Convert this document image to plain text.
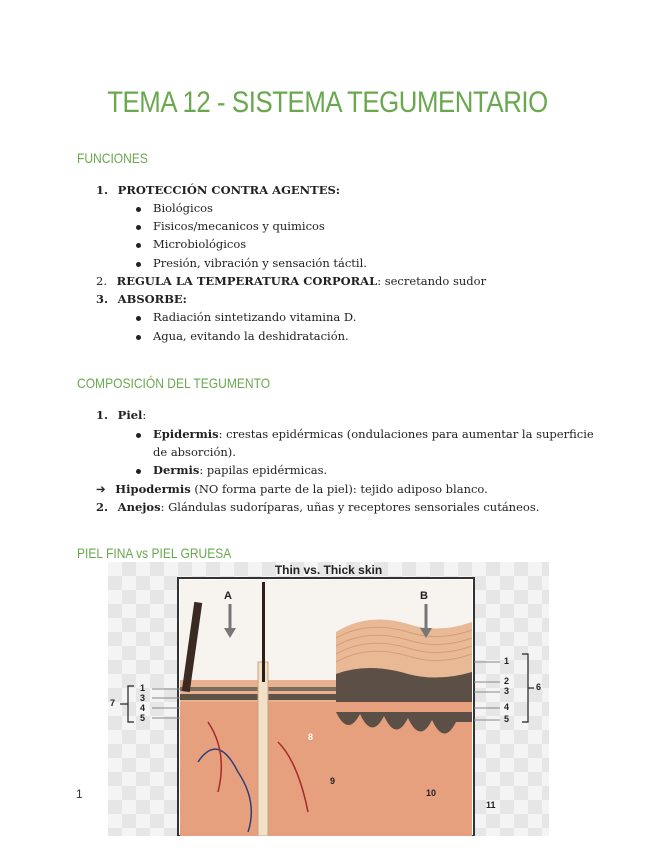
TEMA 12 - SISTEMA TEGUMENTARIO
FUNCIONES
1. PROTECCIÓN CONTRA AGENTES:
Biológicos
Fisicos/mecanicos y quimicos
Microbiológicos
Presión, vibración y sensación táctil.
2. REGULA LA TEMPERATURA CORPORAL: secretando sudor
3. ABSORBE:
Radiación sintetizando vitamina D.
Agua, evitando la deshidratación.
COMPOSICIÓN DEL TEGUMENTO
1. Piel:
Epidermis: crestas epidérmicas (ondulaciones para aumentar la superficie
de absorción).
Dermis: papilas epidérmicas.
➔ Hipodermis (NO forma parte de la piel): tejido adiposo blanco.
2. Anejos: Glándulas sudoríparas, uñas y receptores sensoriales cutáneos.
PIEL FINA vs PIEL GRUESA
Thin vs. Thick skin
A	B
7
1
3
4
5
1
2
3
4
5
6
8
9
10
11
1
